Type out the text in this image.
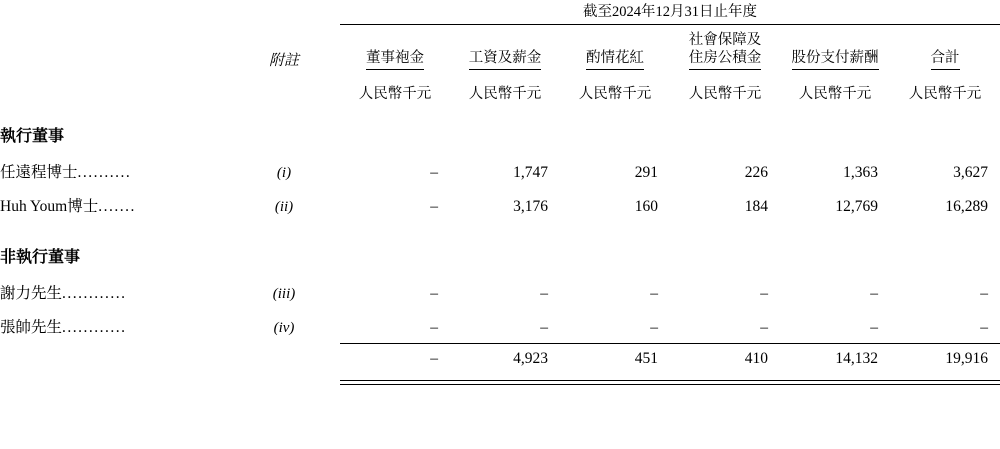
		截至2024年12月31日止年度					

	附註	董事袍金	工資及薪金	酌情花紅	社會保障及
住房公積金	股份支付薪酬	合計
		人民幣千元	人民幣千元	人民幣千元	人民幣千元	人民幣千元	人民幣千元
執行董事							
任遠程博士..........	(i)	–	1,747	291	226	1,363	3,627
Huh Youm博士.......	(ii)	–	3,176	160	184	12,769	16,289
非執行董事							
謝力先生............	(iii)	–	–	–	–	–	–
張帥先生............	(iv)	–	–	–	–	–	–

		–	4,923	451	410	14,132	19,916
